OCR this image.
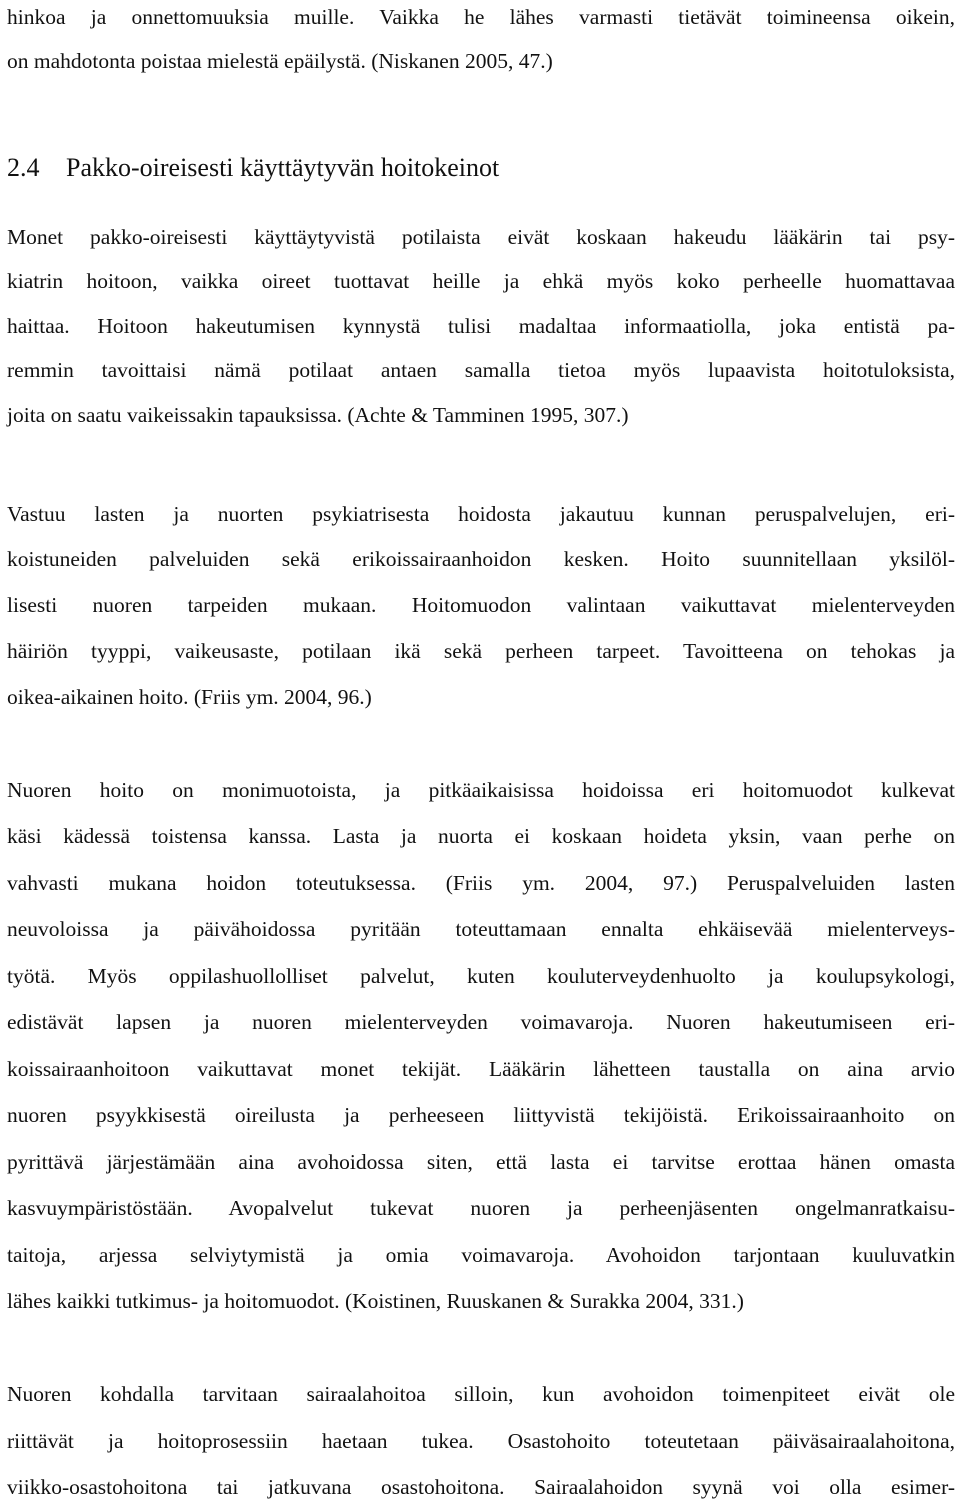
hinkoa ja onnettomuuksia muille. Vaikka he lähes varmasti tietävät toimineensa oikein,
on mahdotonta poistaa mielestä epäilystä. (Niskanen 2005, 47.)
2.4 Pakko-oireisesti käyttäytyvän hoitokeinot
Monet pakko-oireisesti käyttäytyvistä potilaista eivät koskaan hakeudu lääkärin tai psy-
kiatrin hoitoon, vaikka oireet tuottavat heille ja ehkä myös koko perheelle huomattavaa
haittaa. Hoitoon hakeutumisen kynnystä tulisi madaltaa informaatiolla, joka entistä pa-
remmin tavoittaisi nämä potilaat antaen samalla tietoa myös lupaavista hoitotuloksista,
joita on saatu vaikeissakin tapauksissa. (Achte & Tamminen 1995, 307.)
Vastuu lasten ja nuorten psykiatrisesta hoidosta jakautuu kunnan peruspalvelujen, eri-
koistuneiden palveluiden sekä erikoissairaanhoidon kesken. Hoito suunnitellaan yksilöl-
lisesti nuoren tarpeiden mukaan. Hoitomuodon valintaan vaikuttavat mielenterveyden
häiriön tyyppi, vaikeusaste, potilaan ikä sekä perheen tarpeet. Tavoitteena on tehokas ja
oikea-aikainen hoito. (Friis ym. 2004, 96.)
Nuoren hoito on monimuotoista, ja pitkäaikaisissa hoidoissa eri hoitomuodot kulkevat
käsi kädessä toistensa kanssa. Lasta ja nuorta ei koskaan hoideta yksin, vaan perhe on
vahvasti mukana hoidon toteutuksessa. (Friis ym. 2004, 97.) Peruspalveluiden lasten
neuvoloissa ja päivähoidossa pyritään toteuttamaan ennalta ehkäisevää mielenterveys-
työtä. Myös oppilashuollolliset palvelut, kuten kouluterveydenhuolto ja koulupsykologi,
edistävät lapsen ja nuoren mielenterveyden voimavaroja. Nuoren hakeutumiseen eri-
koissairaanhoitoon vaikuttavat monet tekijät. Lääkärin lähetteen taustalla on aina arvio
nuoren psyykkisestä oireilusta ja perheeseen liittyvistä tekijöistä. Erikoissairaanhoito on
pyrittävä järjestämään aina avohoidossa siten, että lasta ei tarvitse erottaa hänen omasta
kasvuympäristöstään. Avopalvelut tukevat nuoren ja perheenjäsenten ongelmanratkaisu-
taitoja, arjessa selviytymistä ja omia voimavaroja. Avohoidon tarjontaan kuuluvatkin
lähes kaikki tutkimus- ja hoitomuodot. (Koistinen, Ruuskanen & Surakka 2004, 331.)
Nuoren kohdalla tarvitaan sairaalahoitoa silloin, kun avohoidon toimenpiteet eivät ole
riittävät ja hoitoprosessiin haetaan tukea. Osastohoito toteutetaan päiväsairaalahoitona,
viikko-osastohoitona tai jatkuvana osastohoitona. Sairaalahoidon syynä voi olla esimer-
